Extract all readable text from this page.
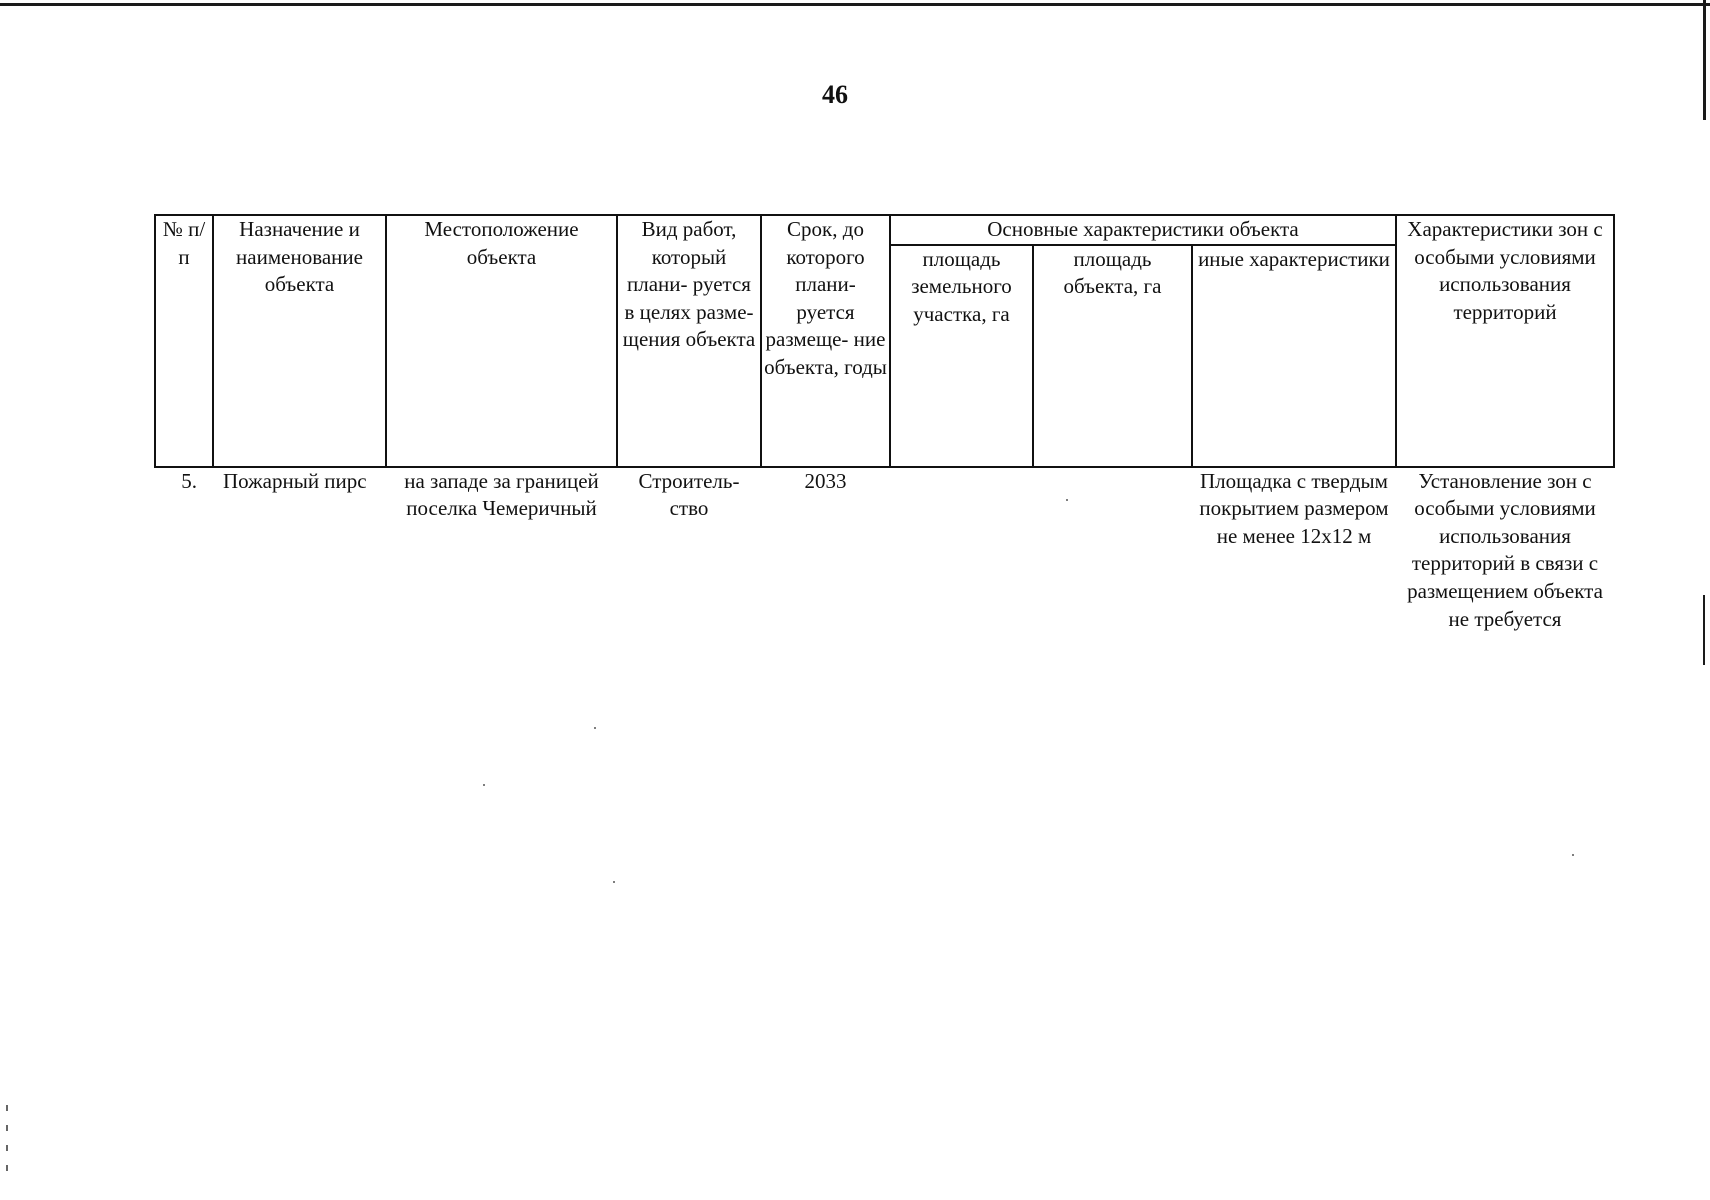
46
№ п/п	Назначение и наименование объекта	Местоположение объекта	Вид работ, который плани- руется в целях разме- щения объекта	Срок, до которого плани- руется размеще- ние объекта, годы	Основные характеристики объекта			Характеристики зон с особыми условиями использования территорий
					площадь земельного участка, га	площадь объекта, га	иные характеристики	
5.	Пожарный пирс	на западе за границей поселка Чемеричный	Строитель- ство	2033			Площадка с твердым покрытием размером не менее 12x12 м	Установление зон с особыми условиями использования территорий в связи с размещением объекта не требуется
